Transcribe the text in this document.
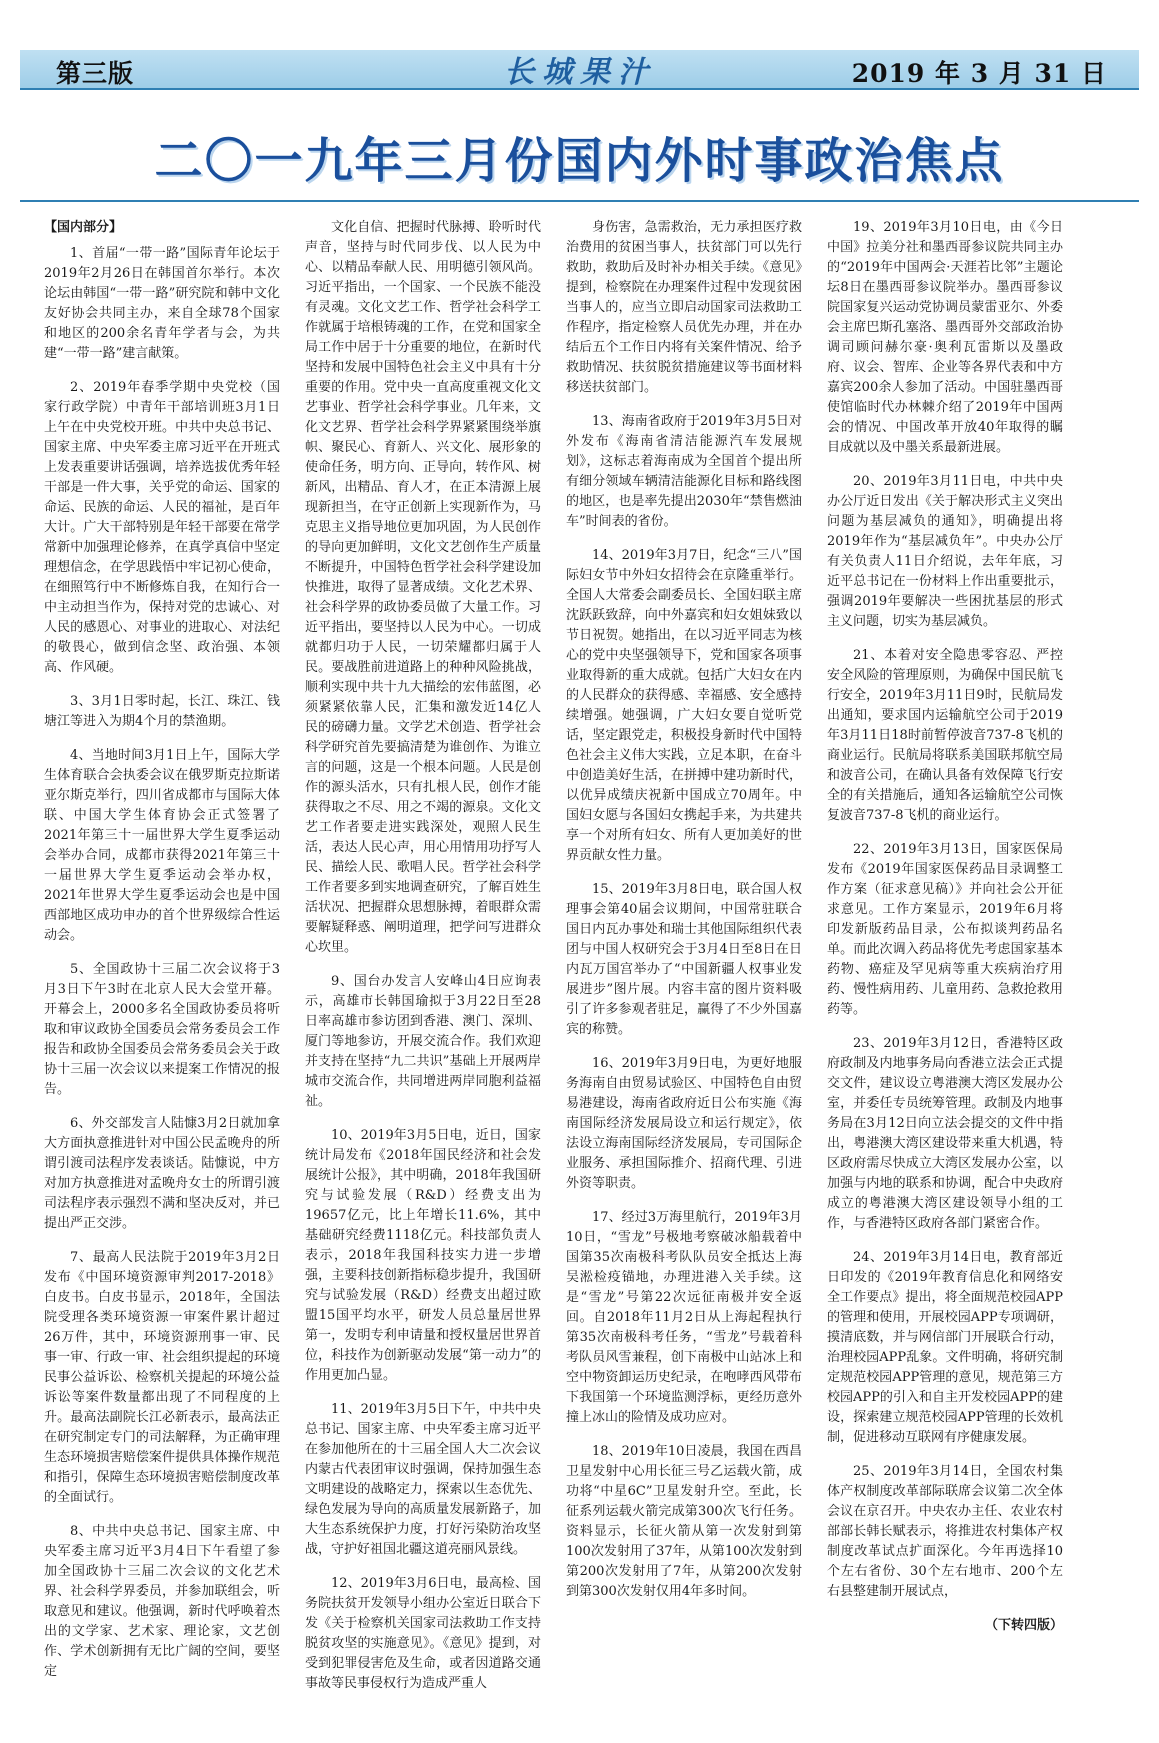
第三版	长城果汁	2019 年 3 月 31 日
二〇一九年三月份国内外时事政治焦点

【国内部分】

1、首届“一带一路”国际青年论坛于2019年2月26日在韩国首尔举行。本次论坛由韩国“一带一路”研究院和韩中文化友好协会共同主办，来自全球78个国家和地区的200余名青年学者与会，为共建“一带一路”建言献策。

2、2019年春季学期中央党校（国家行政学院）中青年干部培训班3月1日上午在中央党校开班。中共中央总书记、国家主席、中央军委主席习近平在开班式上发表重要讲话强调，培养选拔优秀年轻干部是一件大事，关乎党的命运、国家的命运、民族的命运、人民的福祉，是百年大计。广大干部特别是年轻干部要在常学常新中加强理论修养，在真学真信中坚定理想信念，在学思践悟中牢记初心使命，在细照笃行中不断修炼自我，在知行合一中主动担当作为，保持对党的忠诚心、对人民的感恩心、对事业的进取心、对法纪的敬畏心，做到信念坚、政治强、本领高、作风硬。

3、3月1日零时起，长江、珠江、钱塘江等进入为期4个月的禁渔期。

4、当地时间3月1日上午，国际大学生体育联合会执委会议在俄罗斯克拉斯诺亚尔斯克举行，四川省成都市与国际大体联、中国大学生体育协会正式签署了2021年第三十一届世界大学生夏季运动会举办合同，成都市获得2021年第三十一届世界大学生夏季运动会举办权，2021年世界大学生夏季运动会也是中国西部地区成功申办的首个世界级综合性运动会。

5、全国政协十三届二次会议将于3月3日下午3时在北京人民大会堂开幕。开幕会上，2000多名全国政协委员将听取和审议政协全国委员会常务委员会工作报告和政协全国委员会常务委员会关于政协十三届一次会议以来提案工作情况的报告。

6、外交部发言人陆慷3月2日就加拿大方面执意推进针对中国公民孟晚舟的所谓引渡司法程序发表谈话。陆慷说，中方对加方执意推进对孟晚舟女士的所谓引渡司法程序表示强烈不满和坚决反对，并已提出严正交涉。

7、最高人民法院于2019年3月2日发布《中国环境资源审判2017-2018》白皮书。白皮书显示，2018年，全国法院受理各类环境资源一审案件累计超过26万件，其中，环境资源刑事一审、民事一审、行政一审、社会组织提起的环境民事公益诉讼、检察机关提起的环境公益诉讼等案件数量都出现了不同程度的上升。最高法副院长江必新表示，最高法正在研究制定专门的司法解释，为正确审理生态环境损害赔偿案件提供具体操作规范和指引，保障生态环境损害赔偿制度改革的全面试行。

8、中共中央总书记、国家主席、中央军委主席习近平3月4日下午看望了参加全国政协十三届二次会议的文化艺术界、社会科学界委员，并参加联组会，听取意见和建议。他强调，新时代呼唤着杰出的文学家、艺术家、理论家，文艺创作、学术创新拥有无比广阔的空间，要坚定

文化自信、把握时代脉搏、聆听时代声音，坚持与时代同步伐、以人民为中心、以精品奉献人民、用明德引领风尚。习近平指出，一个国家、一个民族不能没有灵魂。文化文艺工作、哲学社会科学工作就属于培根铸魂的工作，在党和国家全局工作中居于十分重要的地位，在新时代坚持和发展中国特色社会主义中具有十分重要的作用。党中央一直高度重视文化文艺事业、哲学社会科学事业。几年来，文化文艺界、哲学社会科学界紧紧围绕举旗帜、聚民心、育新人、兴文化、展形象的使命任务，明方向、正导向，转作风、树新风，出精品、育人才，在正本清源上展现新担当，在守正创新上实现新作为，马克思主义指导地位更加巩固，为人民创作的导向更加鲜明，文化文艺创作生产质量不断提升，中国特色哲学社会科学建设加快推进，取得了显著成绩。文化艺术界、社会科学界的政协委员做了大量工作。习近平指出，要坚持以人民为中心。一切成就都归功于人民，一切荣耀都归属于人民。要战胜前进道路上的种种风险挑战，顺利实现中共十九大描绘的宏伟蓝图，必须紧紧依靠人民，汇集和激发近14亿人民的磅礴力量。文学艺术创造、哲学社会科学研究首先要搞清楚为谁创作、为谁立言的问题，这是一个根本问题。人民是创作的源头活水，只有扎根人民，创作才能获得取之不尽、用之不竭的源泉。文化文艺工作者要走进实践深处，观照人民生活，表达人民心声，用心用情用功抒写人民、描绘人民、歌唱人民。哲学社会科学工作者要多到实地调查研究，了解百姓生活状况、把握群众思想脉搏，着眼群众需要解疑释惑、阐明道理，把学问写进群众心坎里。

9、国台办发言人安峰山4日应询表示，高雄市长韩国瑜拟于3月22日至28日率高雄市参访团到香港、澳门、深圳、厦门等地参访，开展交流合作。我们欢迎并支持在坚持“九二共识”基础上开展两岸城市交流合作，共同增进两岸同胞利益福祉。

10、2019年3月5日电，近日，国家统计局发布《2018年国民经济和社会发展统计公报》，其中明确，2018年我国研究与试验发展（R&D）经费支出为19657亿元，比上年增长11.6%，其中基础研究经费1118亿元。科技部负责人表示，2018年我国科技实力进一步增强，主要科技创新指标稳步提升，我国研究与试验发展（R&D）经费支出超过欧盟15国平均水平，研发人员总量居世界第一，发明专利申请量和授权量居世界首位，科技作为创新驱动发展“第一动力”的作用更加凸显。

11、2019年3月5日下午，中共中央总书记、国家主席、中央军委主席习近平在参加他所在的十三届全国人大二次会议内蒙古代表团审议时强调，保持加强生态文明建设的战略定力，探索以生态优先、绿色发展为导向的高质量发展新路子，加大生态系统保护力度，打好污染防治攻坚战，守护好祖国北疆这道亮丽风景线。

12、2019年3月6日电，最高检、国务院扶贫开发领导小组办公室近日联合下发《关于检察机关国家司法救助工作支持脱贫攻坚的实施意见》。《意见》提到，对受到犯罪侵害危及生命，或者因道路交通事故等民事侵权行为造成严重人

身伤害，急需救治，无力承担医疗救治费用的贫困当事人，扶贫部门可以先行救助，救助后及时补办相关手续。《意见》提到，检察院在办理案件过程中发现贫困当事人的，应当立即启动国家司法救助工作程序，指定检察人员优先办理，并在办结后五个工作日内将有关案件情况、给予救助情况、扶贫脱贫措施建议等书面材料移送扶贫部门。

13、海南省政府于2019年3月5日对外发布《海南省清洁能源汽车发展规划》，这标志着海南成为全国首个提出所有细分领域车辆清洁能源化目标和路线图的地区，也是率先提出2030年“禁售燃油车”时间表的省份。

14、2019年3月7日，纪念“三八”国际妇女节中外妇女招待会在京隆重举行。全国人大常委会副委员长、全国妇联主席沈跃跃致辞，向中外嘉宾和妇女姐妹致以节日祝贺。她指出，在以习近平同志为核心的党中央坚强领导下，党和国家各项事业取得新的重大成就。包括广大妇女在内的人民群众的获得感、幸福感、安全感持续增强。她强调，广大妇女要自觉听党话，坚定跟党走，积极投身新时代中国特色社会主义伟大实践，立足本职，在奋斗中创造美好生活，在拼搏中建功新时代，以优异成绩庆祝新中国成立70周年。中国妇女愿与各国妇女携起手来，为共建共享一个对所有妇女、所有人更加美好的世界贡献女性力量。

15、2019年3月8日电，联合国人权理事会第40届会议期间，中国常驻联合国日内瓦办事处和瑞士其他国际组织代表团与中国人权研究会于3月4日至8日在日内瓦万国宫举办了“中国新疆人权事业发展进步”图片展。内容丰富的图片资料吸引了许多参观者驻足，赢得了不少外国嘉宾的称赞。

16、2019年3月9日电，为更好地服务海南自由贸易试验区、中国特色自由贸易港建设，海南省政府近日公布实施《海南国际经济发展局设立和运行规定》，依法设立海南国际经济发展局，专司国际企业服务、承担国际推介、招商代理、引进外资等职责。

17、经过3万海里航行，2019年3月10日，“雪龙”号极地考察破冰船载着中国第35次南极科考队队员安全抵达上海吴淞检疫锚地，办理进港入关手续。这是“雪龙”号第22次远征南极并安全返回。自2018年11月2日从上海起程执行第35次南极科考任务，“雪龙”号载着科考队员风雪兼程，创下南极中山站冰上和空中物资卸运历史纪录，在咆哮西风带布下我国第一个环境监测浮标，更经历意外撞上冰山的险情及成功应对。

18、2019年10日凌晨，我国在西昌卫星发射中心用长征三号乙运载火箭，成功将“中星6C”卫星发射升空。至此，长征系列运载火箭完成第300次飞行任务。资料显示，长征火箭从第一次发射到第100次发射用了37年，从第100次发射到第200次发射用了7年，从第200次发射到第300次发射仅用4年多时间。

19、2019年3月10日电，由《今日中国》拉美分社和墨西哥参议院共同主办的“2019年中国两会·天涯若比邻”主题论坛8日在墨西哥参议院举办。墨西哥参议院国家复兴运动党协调员蒙雷亚尔、外委会主席巴斯孔塞洛、墨西哥外交部政治协调司顾问赫尔豪·奥利瓦雷斯以及墨政府、议会、智库、企业等各界代表和中方嘉宾200余人参加了活动。中国驻墨西哥使馆临时代办林棘介绍了2019年中国两会的情况、中国改革开放40年取得的瞩目成就以及中墨关系最新进展。

20、2019年3月11日电，中共中央办公厅近日发出《关于解决形式主义突出问题为基层减负的通知》，明确提出将2019年作为“基层减负年”。中央办公厅有关负责人11日介绍说，去年年底，习近平总书记在一份材料上作出重要批示，强调2019年要解决一些困扰基层的形式主义问题，切实为基层减负。

21、本着对安全隐患零容忍、严控安全风险的管理原则，为确保中国民航飞行安全，2019年3月11日9时，民航局发出通知，要求国内运输航空公司于2019年3月11日18时前暂停波音737-8飞机的商业运行。民航局将联系美国联邦航空局和波音公司，在确认具备有效保障飞行安全的有关措施后，通知各运输航空公司恢复波音737-8飞机的商业运行。

22、2019年3月13日，国家医保局发布《2019年国家医保药品目录调整工作方案（征求意见稿）》并向社会公开征求意见。工作方案显示，2019年6月将印发新版药品目录，公布拟谈判药品名单。而此次调入药品将优先考虑国家基本药物、癌症及罕见病等重大疾病治疗用药、慢性病用药、儿童用药、急救抢救用药等。

23、2019年3月12日，香港特区政府政制及内地事务局向香港立法会正式提交文件，建议设立粤港澳大湾区发展办公室，并委任专员统筹管理。政制及内地事务局在3月12日向立法会提交的文件中指出，粤港澳大湾区建设带来重大机遇，特区政府需尽快成立大湾区发展办公室，以加强与内地的联系和协调，配合中央政府成立的粤港澳大湾区建设领导小组的工作，与香港特区政府各部门紧密合作。

24、2019年3月14日电，教育部近日印发的《2019年教育信息化和网络安全工作要点》提出，将全面规范校园APP的管理和使用，开展校园APP专项调研，摸清底数，并与网信部门开展联合行动，治理校园APP乱象。文件明确，将研究制定规范校园APP管理的意见，规范第三方校园APP的引入和自主开发校园APP的建设，探索建立规范校园APP管理的长效机制，促进移动互联网有序健康发展。

25、2019年3月14日，全国农村集体产权制度改革部际联席会议第二次全体会议在京召开。中央农办主任、农业农村部部长韩长赋表示，将推进农村集体产权制度改革试点扩面深化。今年再选择10个左右省份、30个左右地市、200个左右县整建制开展试点，

（下转四版）
